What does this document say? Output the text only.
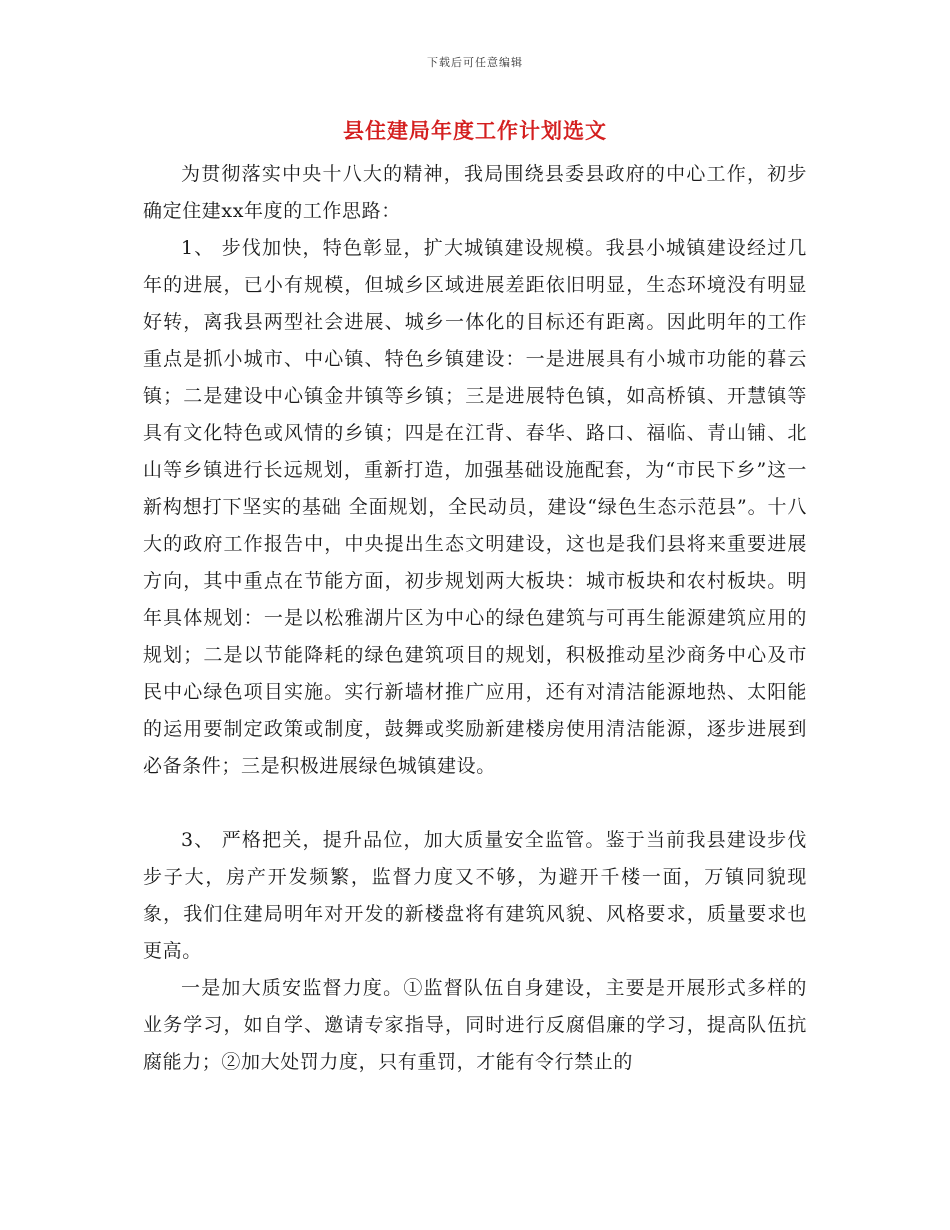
下载后可任意编辑
县住建局年度工作计划选文

为贯彻落实中央十八大的精神，我局围绕县委县政府的中心工作，初步确定住建xx年度的工作思路：

1、 步伐加快，特色彰显，扩大城镇建设规模。我县小城镇建设经过几年的进展，已小有规模，但城乡区域进展差距依旧明显，生态环境没有明显好转，离我县两型社会进展、城乡一体化的目标还有距离。因此明年的工作重点是抓小城市、中心镇、特色乡镇建设：一是进展具有小城市功能的暮云镇；二是建设中心镇金井镇等乡镇；三是进展特色镇，如高桥镇、开慧镇等具有文化特色或风情的乡镇；四是在江背、春华、路口、福临、青山铺、北山等乡镇进行长远规划，重新打造，加强基础设施配套，为“市民下乡”这一新构想打下坚实的基础 全面规划，全民动员，建设“绿色生态示范县”。十八大的政府工作报告中，中央提出生态文明建设，这也是我们县将来重要进展方向，其中重点在节能方面，初步规划两大板块：城市板块和农村板块。明年具体规划：一是以松雅湖片区为中心的绿色建筑与可再生能源建筑应用的规划；二是以节能降耗的绿色建筑项目的规划，积极推动星沙商务中心及市民中心绿色项目实施。实行新墙材推广应用，还有对清洁能源地热、太阳能的运用要制定政策或制度，鼓舞或奖励新建楼房使用清洁能源，逐步进展到必备条件；三是积极进展绿色城镇建设。

3、 严格把关，提升品位，加大质量安全监管。鉴于当前我县建设步伐步子大，房产开发频繁，监督力度又不够，为避开千楼一面，万镇同貌现象，我们住建局明年对开发的新楼盘将有建筑风貌、风格要求，质量要求也更高。

一是加大质安监督力度。①监督队伍自身建设，主要是开展形式多样的业务学习，如自学、邀请专家指导，同时进行反腐倡廉的学习，提高队伍抗腐能力；②加大处罚力度，只有重罚，才能有令行禁止的
